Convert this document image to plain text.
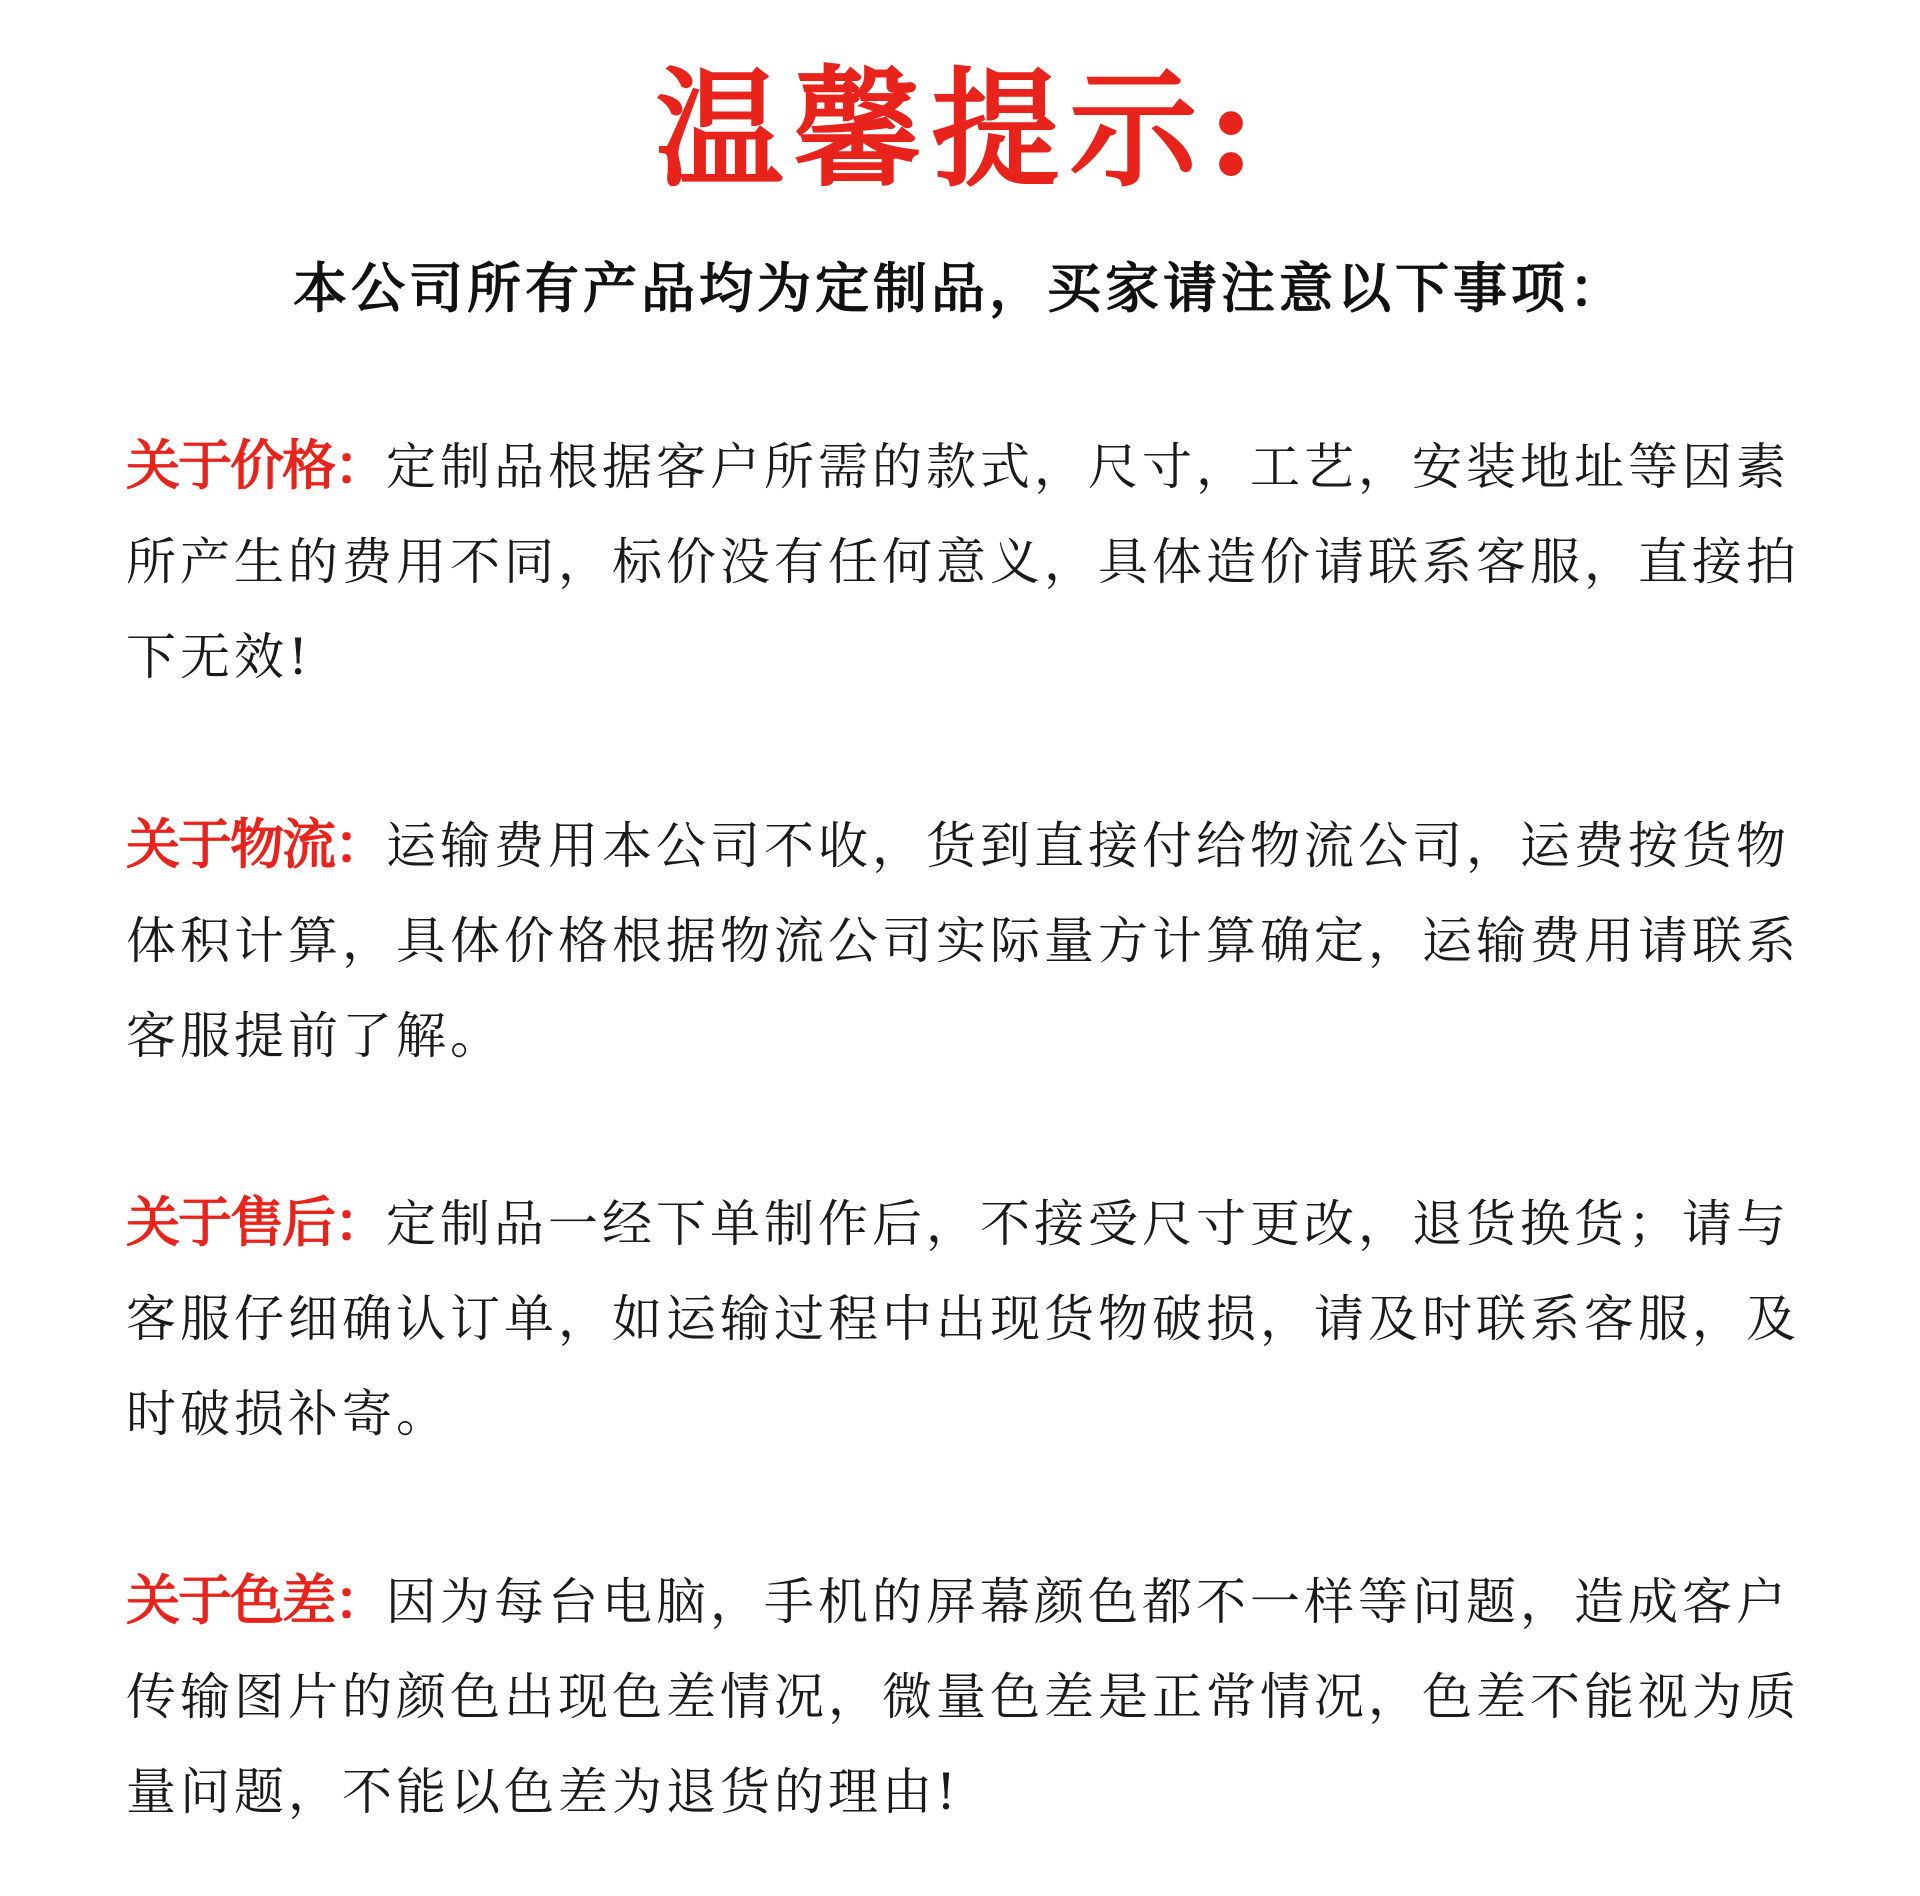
温馨提示:
本公司所有产品均为定制品，买家请注意以下事项：
关于价格：定制品根据客户所需的款式，尺寸，工艺，安装地址等因素所产生的费用不同，标价没有任何意义，具体造价请联系客服，直接拍下无效!
关于物流：运输费用本公司不收，货到直接付给物流公司，运费按货物体积计算，具体价格根据物流公司实际量方计算确定，运输费用请联系客服提前了解。
关于售后：定制品一经下单制作后，不接受尺寸更改，退货换货；请与客服仔细确认订单，如运输过程中出现货物破损，请及时联系客服，及时破损补寄。
关于色差：因为每台电脑，手机的屏幕颜色都不一样等问题，造成客户传输图片的颜色出现色差情况，微量色差是正常情况，色差不能视为质量问题，不能以色差为退货的理由!
